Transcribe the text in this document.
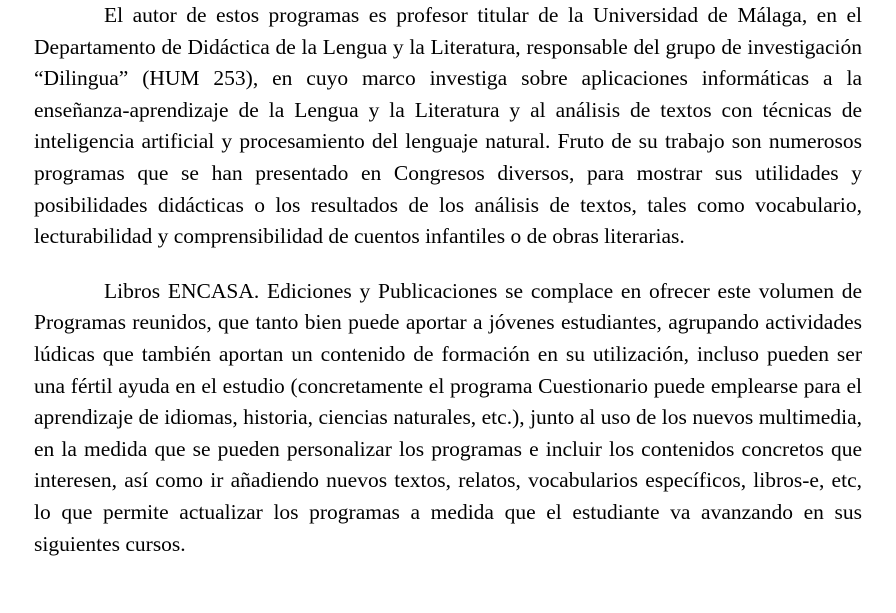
El autor de estos programas es profesor titular de la Universidad de Málaga, en el Departamento de Didáctica de la Lengua y la Literatura, responsable del grupo de investigación “Dilingua” (HUM 253), en cuyo marco investiga sobre aplicaciones informáticas a la enseñanza-aprendizaje de la Lengua y la Literatura y al análisis de textos con técnicas de inteligencia artificial y procesamiento del lenguaje natural. Fruto de su trabajo son numerosos programas que se han presentado en Congresos diversos, para mostrar sus utilidades y posibilidades didácticas o los resultados de los análisis de textos, tales como vocabulario, lecturabilidad y comprensibilidad de cuentos infantiles o de obras literarias.

Libros ENCASA. Ediciones y Publicaciones se complace en ofrecer este volumen de Programas reunidos, que tanto bien puede aportar a jóvenes estudiantes, agrupando actividades lúdicas que también aportan un contenido de formación en su utilización, incluso pueden ser una fértil ayuda en el estudio (concretamente el programa Cuestionario puede emplearse para el aprendizaje de idiomas, historia, ciencias naturales, etc.), junto al uso de los nuevos multimedia, en la medida que se pueden personalizar los programas e incluir los contenidos concretos que interesen, así como ir añadiendo nuevos textos, relatos, vocabularios específicos, libros-e, etc, lo que permite actualizar los programas a medida que el estudiante va avanzando en sus siguientes cursos.
